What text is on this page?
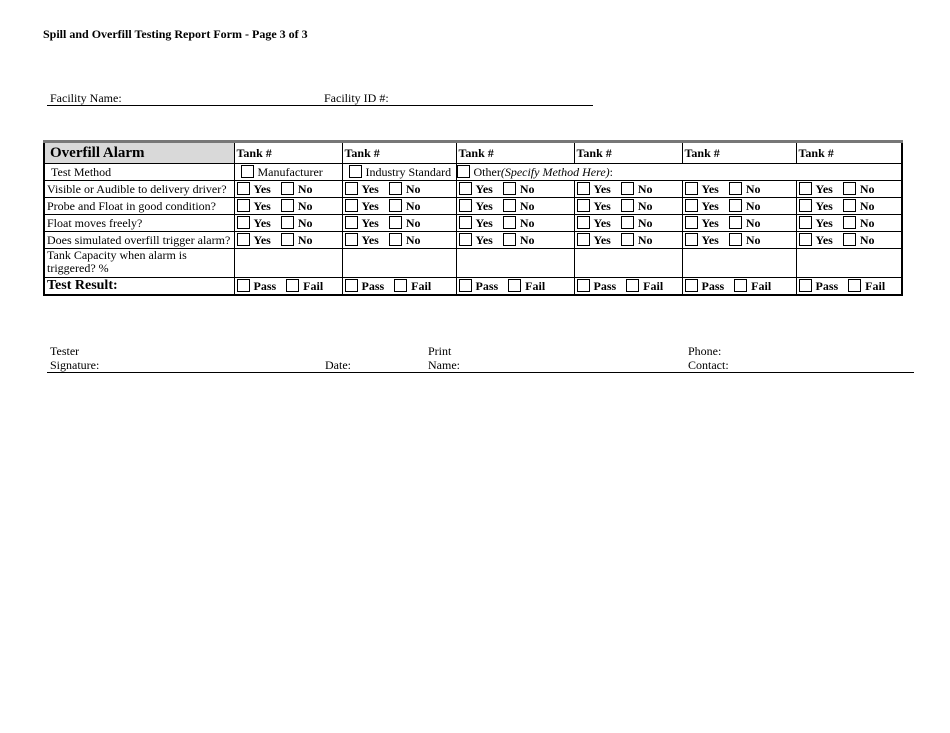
Spill and Overfill Testing Report Form - Page 3 of 3
Facility Name:	Facility ID #:
Overfill Alarm	Tank #	Tank #	Tank #	Tank #	Tank #	Tank #
Test Method	Manufacturer	Industry Standard	Other(Specify Method Here):			
Visible or Audible to delivery driver?	Yes No	Yes No	Yes No	Yes No	Yes No	Yes No
Probe and Float in good condition?	Yes No	Yes No	Yes No	Yes No	Yes No	Yes No
Float moves freely?	Yes No	Yes No	Yes No	Yes No	Yes No	Yes No
Does simulated overfill trigger alarm?	Yes No	Yes No	Yes No	Yes No	Yes No	Yes No
Tank Capacity when alarm is triggered? %						
Test Result:	Pass Fail	Pass Fail	Pass Fail	Pass Fail	Pass Fail	Pass Fail
Tester
Signature:	Date:
Print
Name:
Phone:
Contact:
